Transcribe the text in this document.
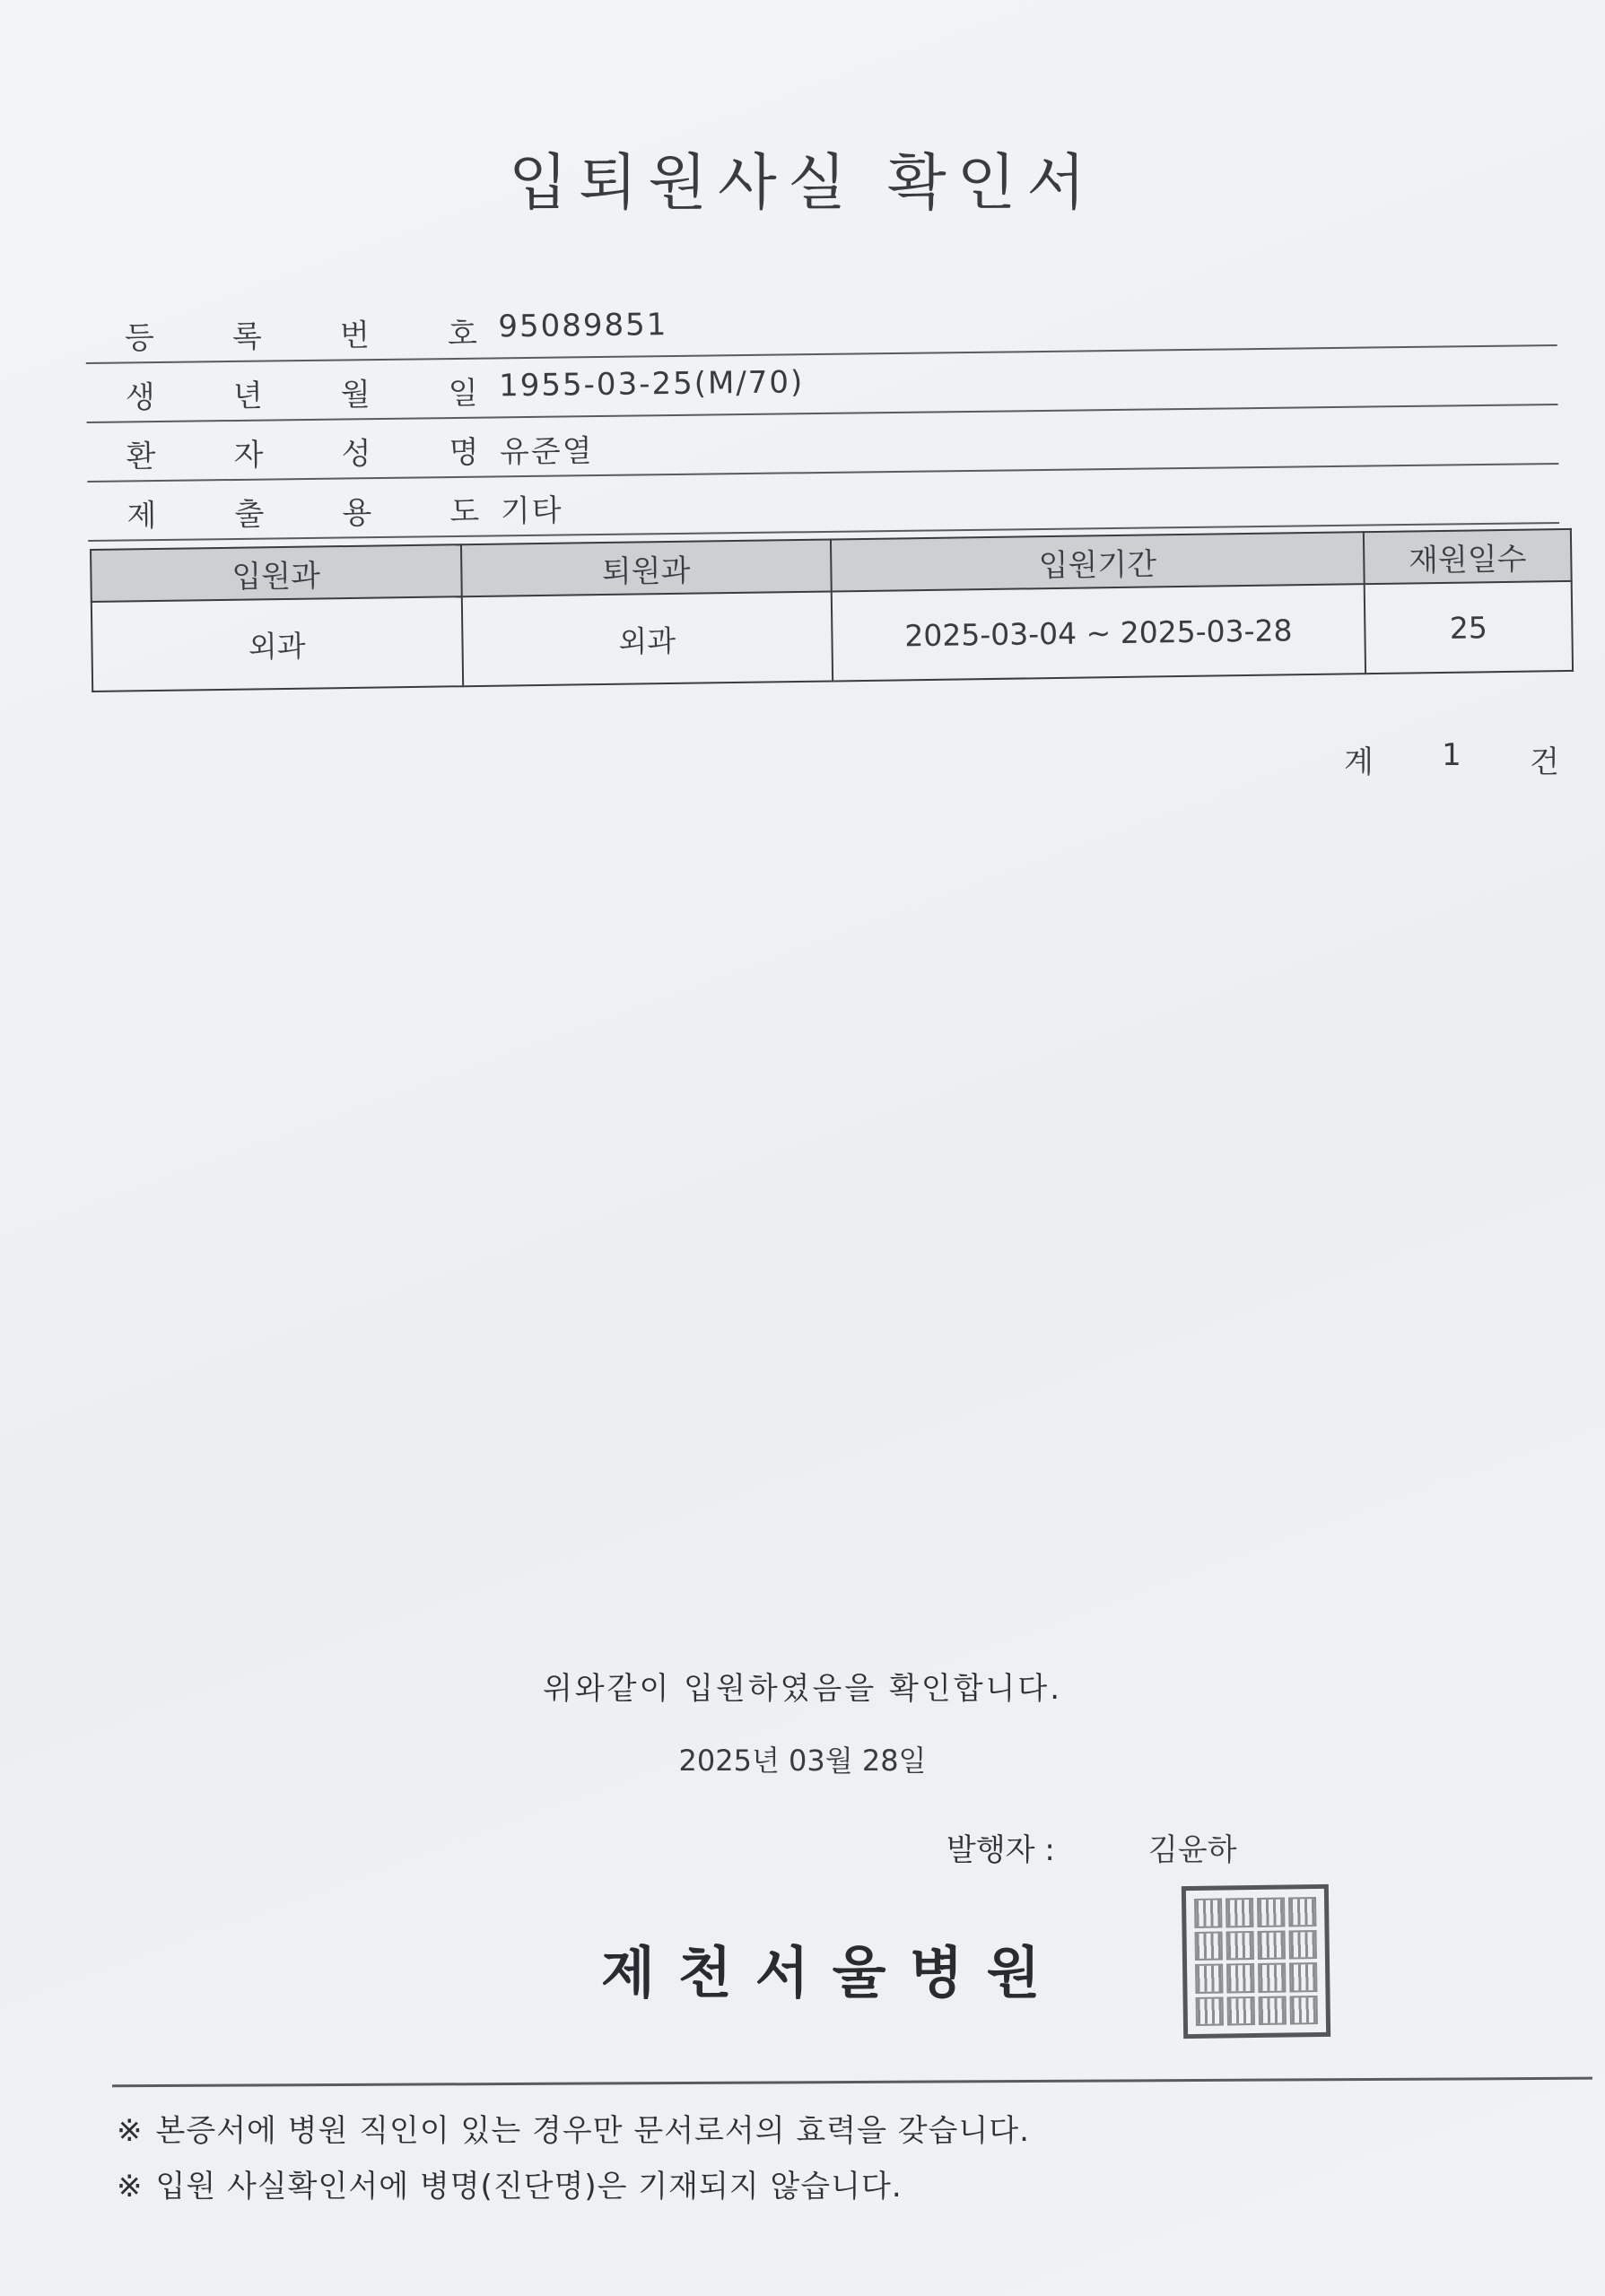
입퇴원사실 확인서
등	록	번	호 95089851
생	년	월	일 1955-03-25(M/70)
환	자	성	명 유준열
제	출	용	도 기타
입원과	퇴원과	입원기간	재원일수
외과	외과	2025-03-04 ~ 2025-03-28	25
계 1 건
위와같이 입원하였음을 확인합니다.
2025년 03월 28일
발행자 :	김윤하
제천서울병원
※ 본증서에 병원 직인이 있는 경우만 문서로서의 효력을 갖습니다.
※ 입원 사실확인서에 병명(진단명)은 기재되지 않습니다.
